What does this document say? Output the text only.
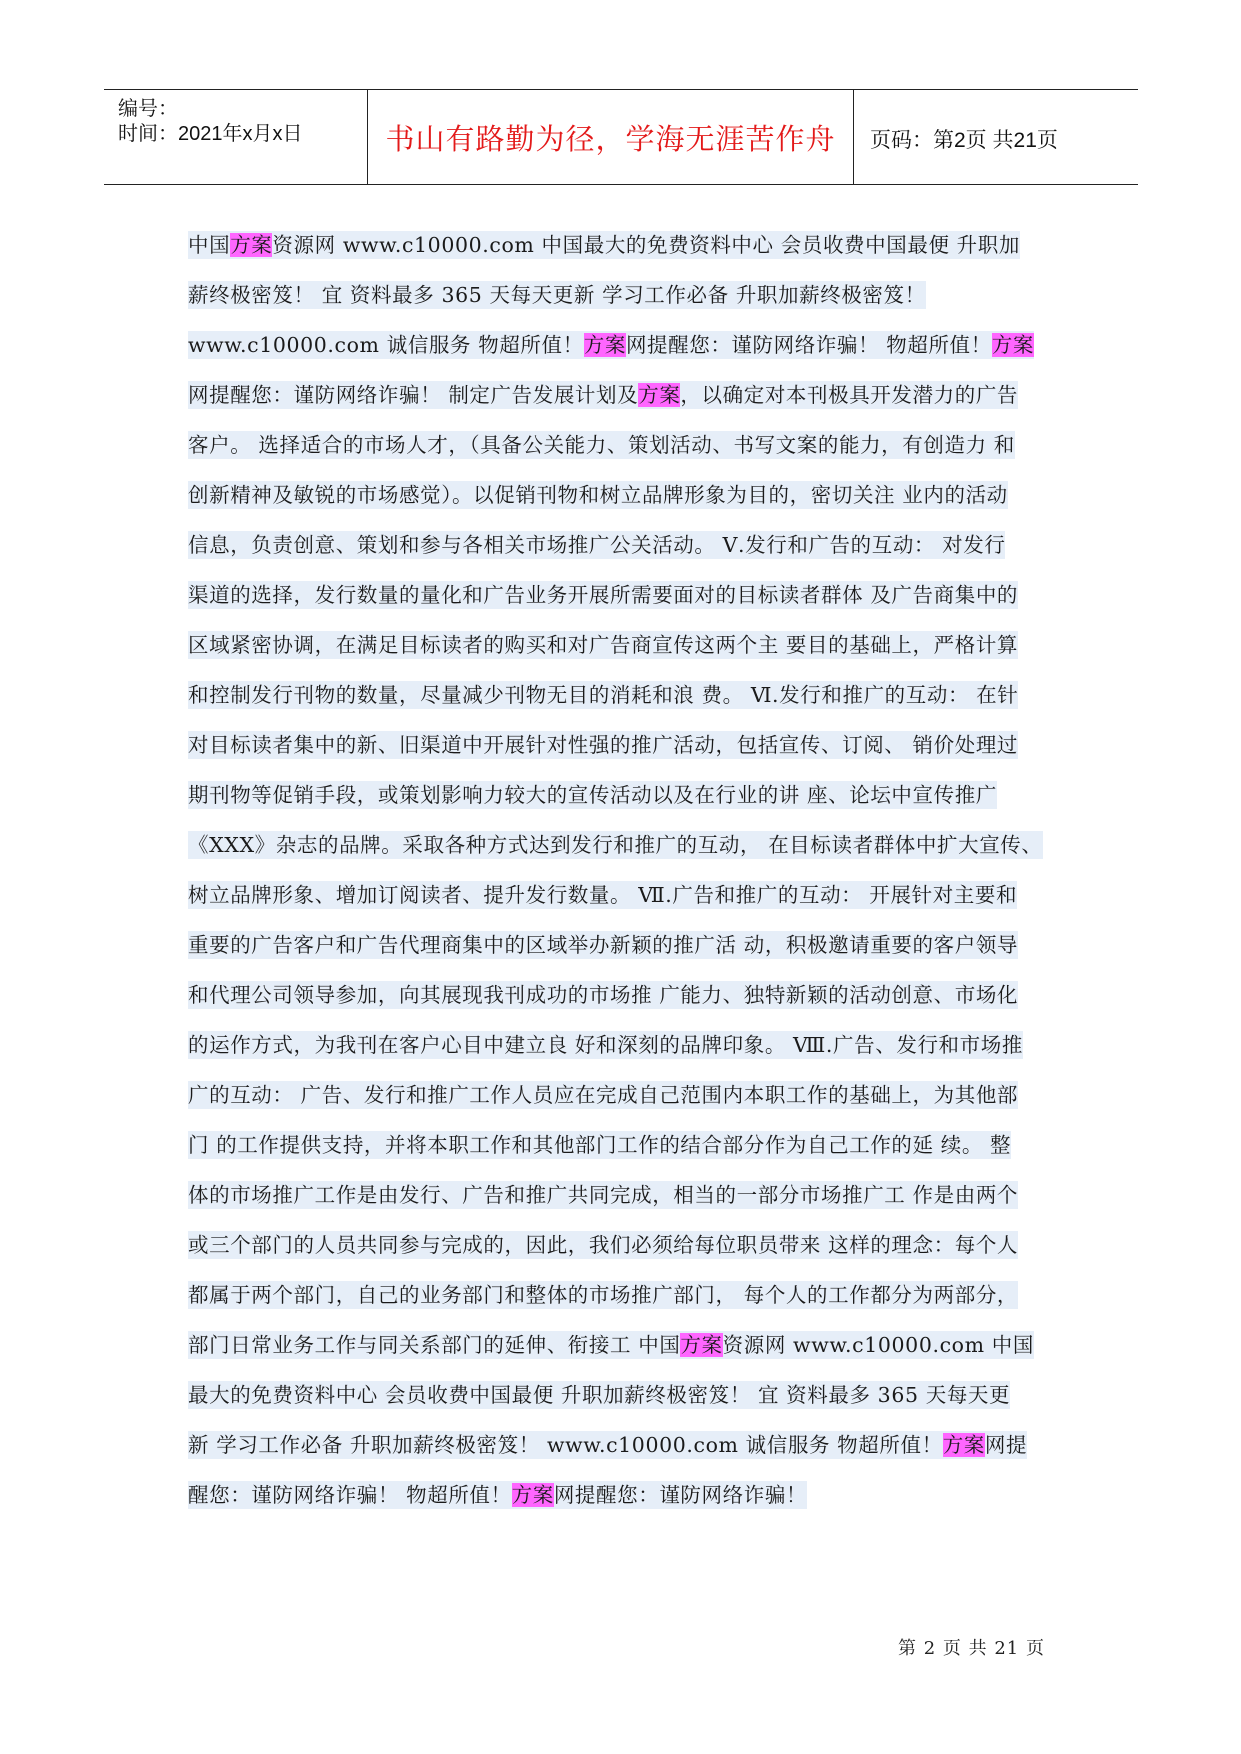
编号：
时间：2021年x月x日	书山有路勤为径，学海无涯苦作舟	页码：第2页 共21页
中国方案资源网 www.c10000.com 中国最大的免费资料中心 会员收费中国最便 升职加
薪终极密笈！ 宜 资料最多 365 天每天更新 学习工作必备 升职加薪终极密笈！
www.c10000.com 诚信服务 物超所值！方案网提醒您：谨防网络诈骗！ 物超所值！方案
网提醒您：谨防网络诈骗！ 制定广告发展计划及方案，以确定对本刊极具开发潜力的广告
客户。 选择适合的市场人才，（具备公关能力、策划活动、书写文案的能力，有创造力 和
创新精神及敏锐的市场感觉）。以促销刊物和树立品牌形象为目的，密切关注 业内的活动
信息，负责创意、策划和参与各相关市场推广公关活动。 Ⅴ.发行和广告的互动： 对发行
渠道的选择，发行数量的量化和广告业务开展所需要面对的目标读者群体 及广告商集中的
区域紧密协调，在满足目标读者的购买和对广告商宣传这两个主 要目的基础上，严格计算
和控制发行刊物的数量，尽量减少刊物无目的消耗和浪 费。 Ⅵ.发行和推广的互动： 在针
对目标读者集中的新、旧渠道中开展针对性强的推广活动，包括宣传、订阅、 销价处理过
期刊物等促销手段，或策划影响力较大的宣传活动以及在行业的讲 座、论坛中宣传推广
《XXX》杂志的品牌。采取各种方式达到发行和推广的互动， 在目标读者群体中扩大宣传、
树立品牌形象、增加订阅读者、提升发行数量。 Ⅶ.广告和推广的互动： 开展针对主要和
重要的广告客户和广告代理商集中的区域举办新颖的推广活 动，积极邀请重要的客户领导
和代理公司领导参加，向其展现我刊成功的市场推 广能力、独特新颖的活动创意、市场化
的运作方式，为我刊在客户心目中建立良 好和深刻的品牌印象。 Ⅷ.广告、发行和市场推
广的互动： 广告、发行和推广工作人员应在完成自己范围内本职工作的基础上，为其他部
门 的工作提供支持，并将本职工作和其他部门工作的结合部分作为自己工作的延 续。 整
体的市场推广工作是由发行、广告和推广共同完成，相当的一部分市场推广工 作是由两个
或三个部门的人员共同参与完成的，因此，我们必须给每位职员带来 这样的理念：每个人
都属于两个部门，自己的业务部门和整体的市场推广部门， 每个人的工作都分为两部分，
部门日常业务工作与同关系部门的延伸、衔接工 中国方案资源网 www.c10000.com 中国
最大的免费资料中心 会员收费中国最便 升职加薪终极密笈！ 宜 资料最多 365 天每天更
新 学习工作必备 升职加薪终极密笈！ www.c10000.com 诚信服务 物超所值！方案网提
醒您：谨防网络诈骗！ 物超所值！方案网提醒您：谨防网络诈骗！
第 2 页 共 21 页
